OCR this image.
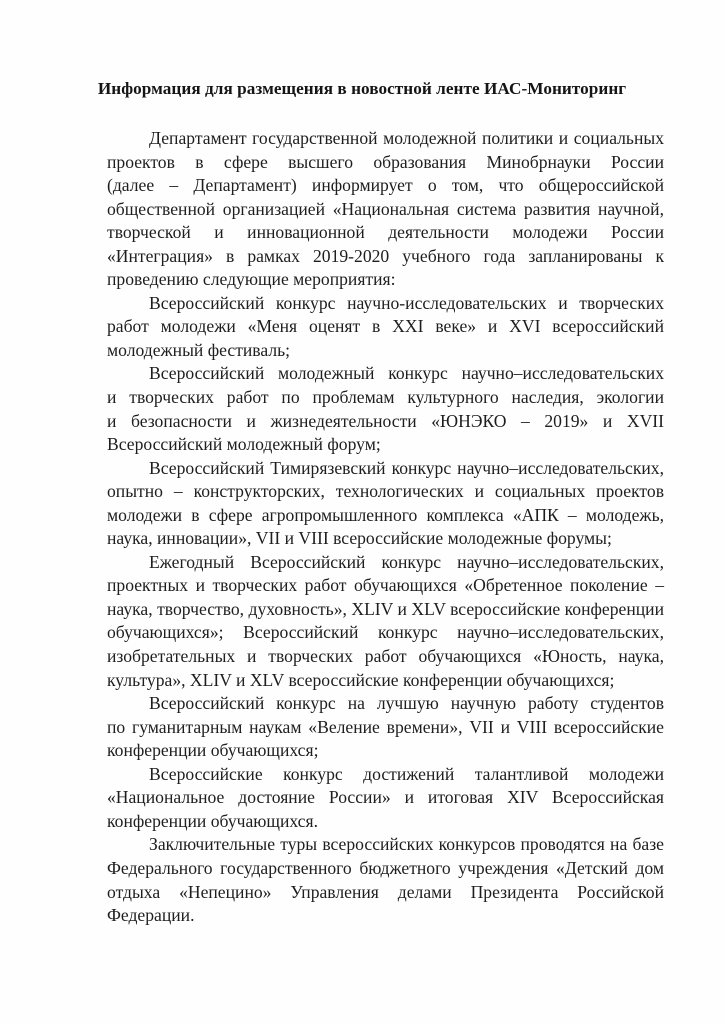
Информация для размещения в новостной ленте ИАС-Мониторинг
Департамент государственной молодежной политики и социальных
проектов в сфере высшего образования Минобрнауки России
(далее – Департамент) информирует о том, что общероссийской
общественной организацией «Национальная система развития научной,
творческой и инновационной деятельности молодежи России
«Интеграция» в рамках 2019-2020 учебного года запланированы к
проведению следующие мероприятия:
Всероссийский конкурс научно-исследовательских и творческих
работ молодежи «Меня оценят в XXI веке» и XVI всероссийский
молодежный фестиваль;
Всероссийский молодежный конкурс научно–исследовательских
и творческих работ по проблемам культурного наследия, экологии
и безопасности и жизнедеятельности «ЮНЭКО – 2019» и XVII
Всероссийский молодежный форум;
Всероссийский Тимирязевский конкурс научно–исследовательских,
опытно – конструкторских, технологических и социальных проектов
молодежи в сфере агропромышленного комплекса «АПК – молодежь,
наука, инновации», VII и VIII всероссийские молодежные форумы;
Ежегодный Всероссийский конкурс научно–исследовательских,
проектных и творческих работ обучающихся «Обретенное поколение –
наука, творчество, духовность», XLIV и XLV всероссийские конференции
обучающихся»; Всероссийский конкурс научно–исследовательских,
изобретательных и творческих работ обучающихся «Юность, наука,
культура», XLIV и XLV всероссийские конференции обучающихся;
Всероссийский конкурс на лучшую научную работу студентов
по гуманитарным наукам «Веление времени», VII и VIII всероссийские
конференции обучающихся;
Всероссийские конкурс достижений талантливой молодежи
«Национальное достояние России» и итоговая XIV Всероссийская
конференции обучающихся.
Заключительные туры всероссийских конкурсов проводятся на базе
Федерального государственного бюджетного учреждения «Детский дом
отдыха «Непецино» Управления делами Президента Российской
Федерации.
